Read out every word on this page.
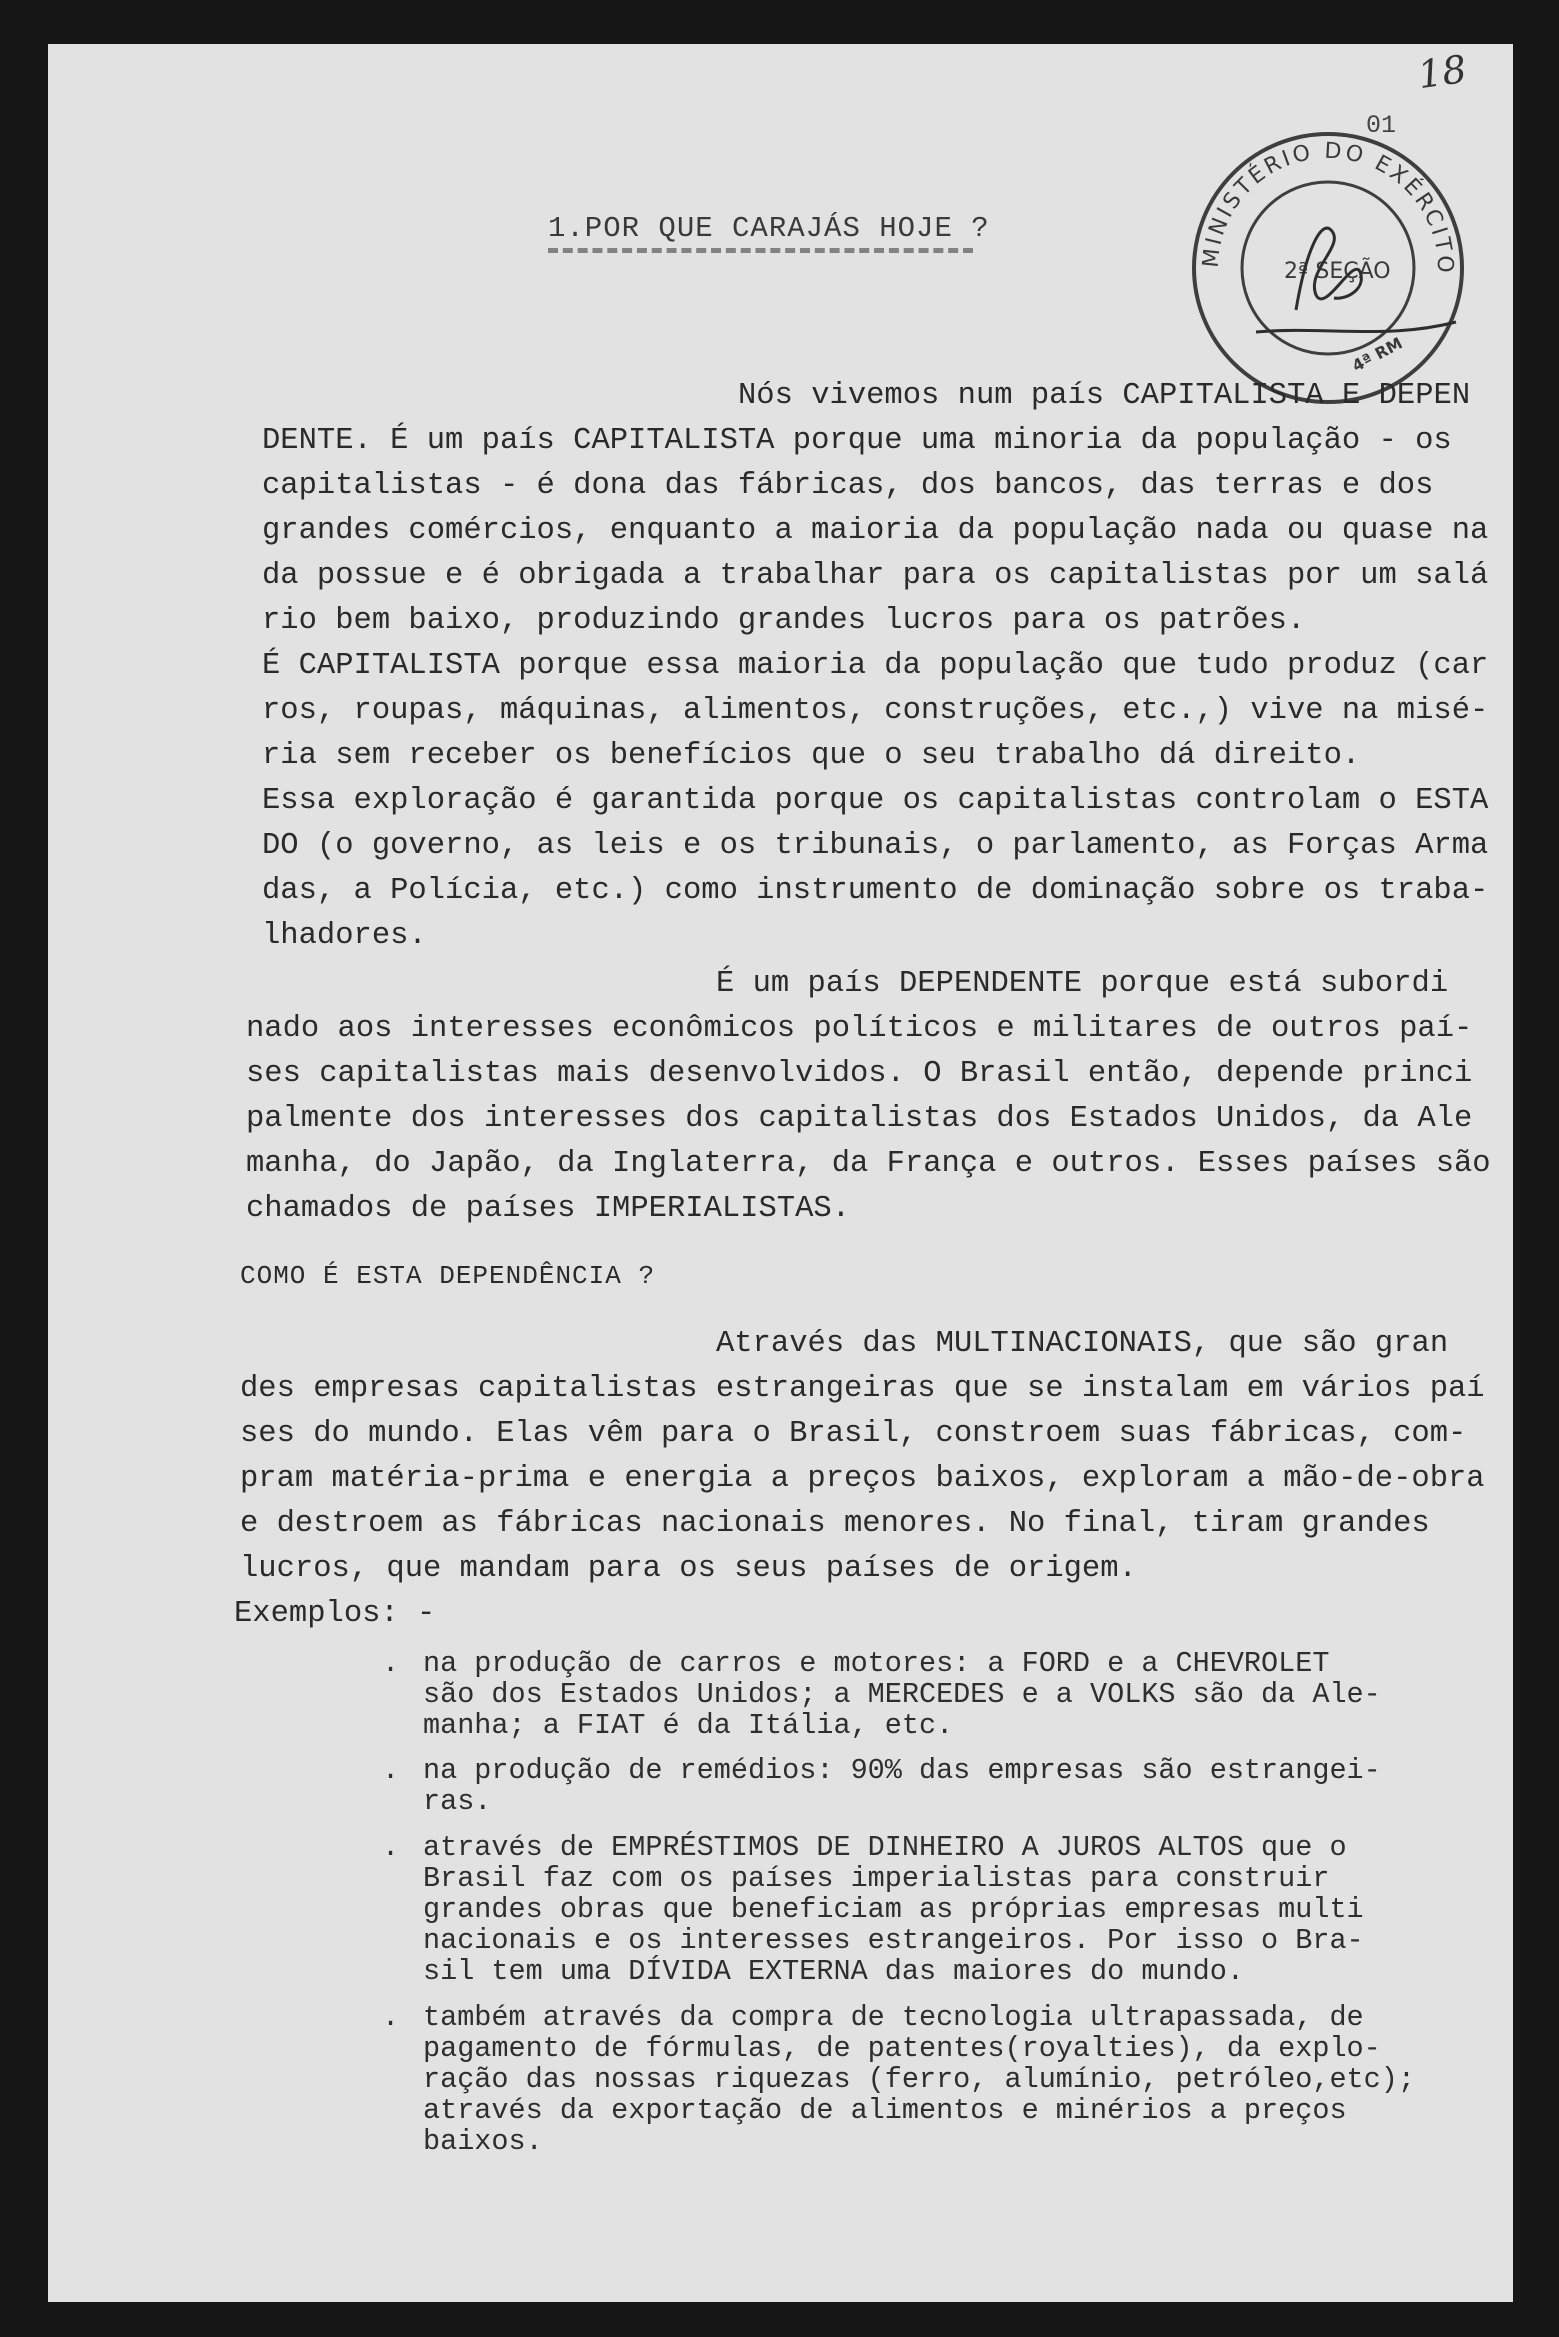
18
01
MINISTÉRIO DO EXÉRCITO
2ª SEÇÃO
4ª RM
1.POR QUE CARAJÁS HOJE ?
Nós vivemos num país CAPITALISTA E DEPEN
DENTE. É um país CAPITALISTA porque uma minoria da população - os
capitalistas - é dona das fábricas, dos bancos, das terras e dos
grandes comércios, enquanto a maioria da população nada ou quase na
da possue e é obrigada a trabalhar para os capitalistas por um salá
rio bem baixo, produzindo grandes lucros para os patrões.
É CAPITALISTA porque essa maioria da população que tudo produz (car
ros, roupas, máquinas, alimentos, construções, etc.,) vive na misé-
ria sem receber os benefícios que o seu trabalho dá direito.
Essa exploração é garantida porque os capitalistas controlam o ESTA
DO (o governo, as leis e os tribunais, o parlamento, as Forças Arma
das, a Polícia, etc.) como instrumento de dominação sobre os traba-
lhadores.
É um país DEPENDENTE porque está subordi
nado aos interesses econômicos políticos e militares de outros paí-
ses capitalistas mais desenvolvidos. O Brasil então, depende princi
palmente dos interesses dos capitalistas dos Estados Unidos, da Ale
manha, do Japão, da Inglaterra, da França e outros. Esses países são
chamados de países IMPERIALISTAS.
COMO É ESTA DEPENDÊNCIA ?
Através das MULTINACIONAIS, que são gran
des empresas capitalistas estrangeiras que se instalam em vários paí
ses do mundo. Elas vêm para o Brasil, constroem suas fábricas, com-
pram matéria-prima e energia a preços baixos, exploram a mão-de-obra
e destroem as fábricas nacionais menores. No final, tiram grandes
lucros, que mandam para os seus países de origem.
Exemplos: -
. na produção de carros e motores: a FORD e a CHEVROLET
são dos Estados Unidos; a MERCEDES e a VOLKS são da Ale-
manha; a FIAT é da Itália, etc.
. na produção de remédios: 90% das empresas são estrangei-
ras.
. através de EMPRÉSTIMOS DE DINHEIRO A JUROS ALTOS que o
Brasil faz com os países imperialistas para construir
grandes obras que beneficiam as próprias empresas multi
nacionais e os interesses estrangeiros. Por isso o Bra-
sil tem uma DÍVIDA EXTERNA das maiores do mundo.
. também através da compra de tecnologia ultrapassada, de
pagamento de fórmulas, de patentes(royalties), da explo-
ração das nossas riquezas (ferro, alumínio, petróleo,etc);
através da exportação de alimentos e minérios a preços
baixos.
